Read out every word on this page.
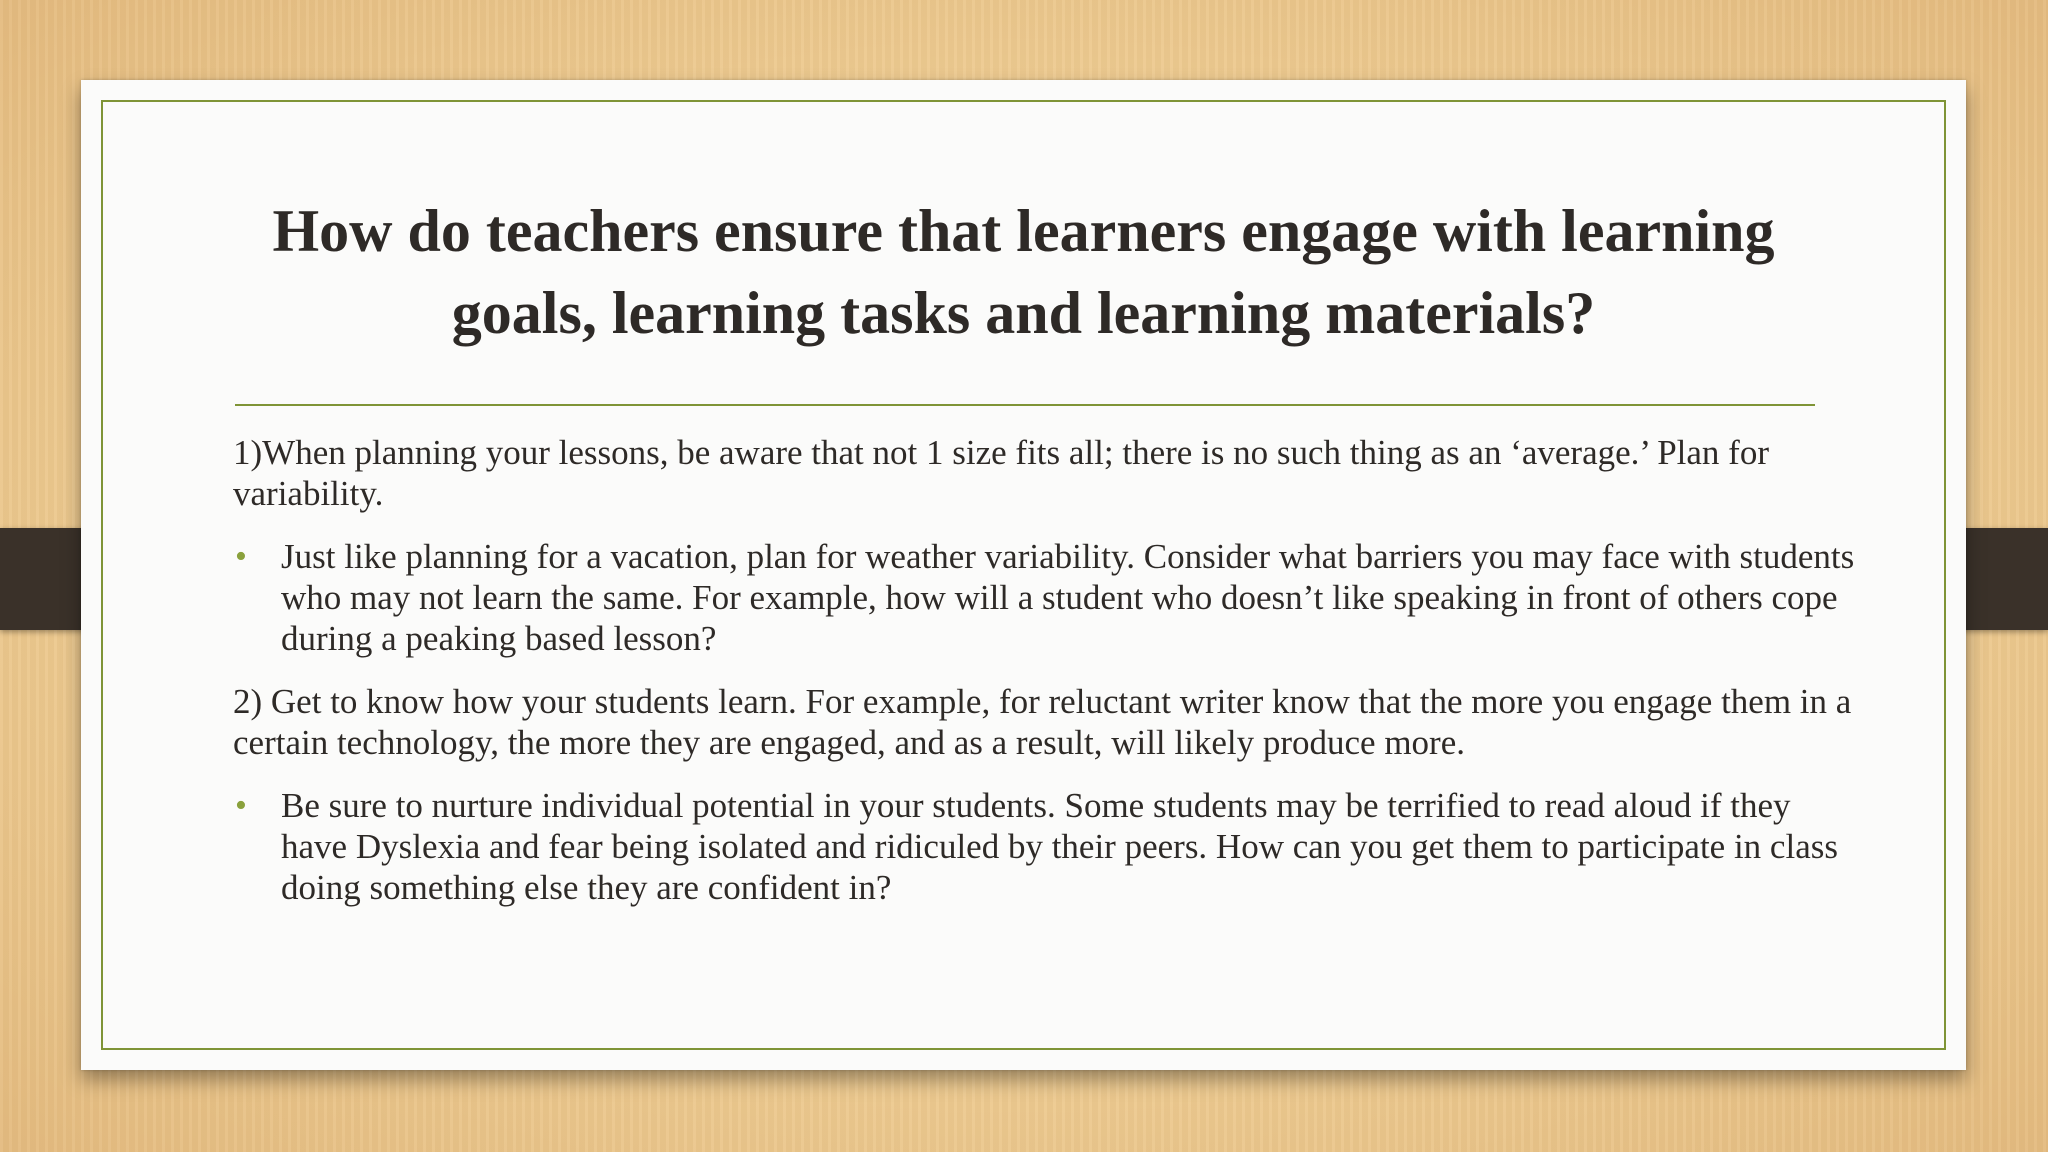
How do teachers ensure that learners engage with learning goals, learning tasks and learning materials?

1)When planning your lessons, be aware that not 1 size fits all; there is no such thing as an ‘average.’ Plan for variability.

• Just like planning for a vacation, plan for weather variability. Consider what barriers you may face with students who may not learn the same. For example, how will a student who doesn’t like speaking in front of others cope during a peaking based lesson?

2) Get to know how your students learn. For example, for reluctant writer know that the more you engage them in a certain technology, the more they are engaged, and as a result, will likely produce more.

• Be sure to nurture individual potential in your students. Some students may be terrified to read aloud if they have Dyslexia and fear being isolated and ridiculed by their peers. How can you get them to participate in class doing something else they are confident in?
